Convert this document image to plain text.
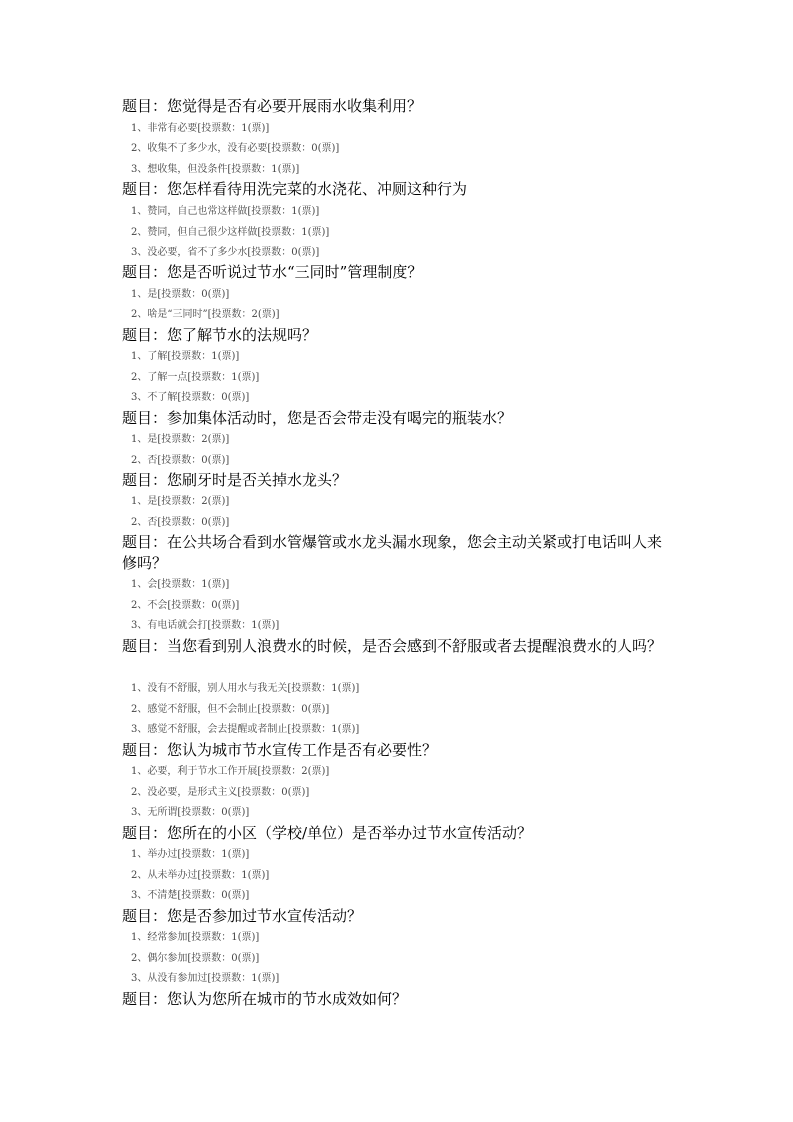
题目：您觉得是否有必要开展雨水收集利用？
1、非常有必要[投票数：1(票)]
2、收集不了多少水，没有必要[投票数：0(票)]
3、想收集，但没条件[投票数：1(票)]
题目：您怎样看待用洗完菜的水浇花、冲厕这种行为
1、赞同，自己也常这样做[投票数：1(票)]
2、赞同，但自己很少这样做[投票数：1(票)]
3、没必要，省不了多少水[投票数：0(票)]
题目：您是否听说过节水“三同时”管理制度？
1、是[投票数：0(票)]
2、啥是“三同时”[投票数：2(票)]
题目：您了解节水的法规吗？
1、了解[投票数：1(票)]
2、了解一点[投票数：1(票)]
3、不了解[投票数：0(票)]
题目：参加集体活动时，您是否会带走没有喝完的瓶装水？
1、是[投票数：2(票)]
2、否[投票数：0(票)]
题目：您刷牙时是否关掉水龙头？
1、是[投票数：2(票)]
2、否[投票数：0(票)]
题目：在公共场合看到水管爆管或水龙头漏水现象，您会主动关紧或打电话叫人来修吗？
1、会[投票数：1(票)]
2、不会[投票数：0(票)]
3、有电话就会打[投票数：1(票)]
题目：当您看到别人浪费水的时候，是否会感到不舒服或者去提醒浪费水的人吗？
1、没有不舒服，别人用水与我无关[投票数：1(票)]
2、感觉不舒服，但不会制止[投票数：0(票)]
3、感觉不舒服，会去提醒或者制止[投票数：1(票)]
题目：您认为城市节水宣传工作是否有必要性？
1、必要，利于节水工作开展[投票数：2(票)]
2、没必要，是形式主义[投票数：0(票)]
3、无所谓[投票数：0(票)]
题目：您所在的小区（学校/单位）是否举办过节水宣传活动？
1、举办过[投票数：1(票)]
2、从未举办过[投票数：1(票)]
3、不清楚[投票数：0(票)]
题目：您是否参加过节水宣传活动？
1、经常参加[投票数：1(票)]
2、偶尔参加[投票数：0(票)]
3、从没有参加过[投票数：1(票)]
题目：您认为您所在城市的节水成效如何？
